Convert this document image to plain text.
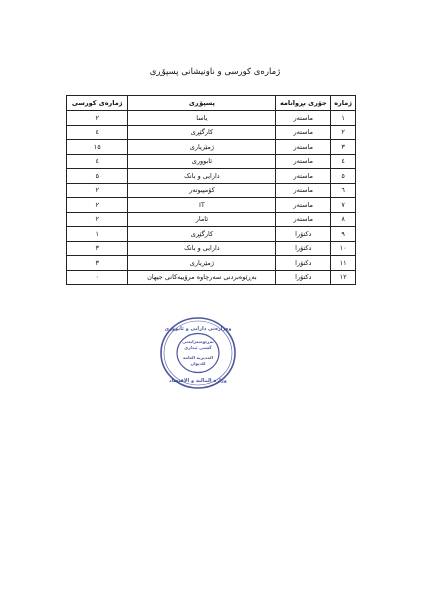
ژمارەی کورسی و ناونیشانی پسپۆڕی
ژمارە	جۆری بڕوانامە	پسپۆڕی	ژمارەی کورسی
١	ماستەر	یاسا	٢
٢	ماستەر	کارگێڕی	٤
٣	ماستەر	ژمێریاری	١٥
٤	ماستەر	ئابووری	٤
٥	ماستەر	دارایی و بانک	٥
٦	ماستەر	کۆمپیوتەر	٢
٧	ماستەر	IT	٢
٨	ماستەر	ئامار	٢
٩	دکتۆرا	کارگێڕی	١
١٠	دکتۆرا	دارایی و بانک	٣
١١	دکتۆرا	ژمێریاری	٣
١٢	دکتۆرا	بەڕێوەبردنی سەرچاوە مرۆییەکانی جیهان	٠
وەزارەتی دارایی و ئابووری
بەڕێوەبەرایەتی
گشتی ئیداری
المديرية العامة
للديوان
وزارة المالية و الاقتصاد
